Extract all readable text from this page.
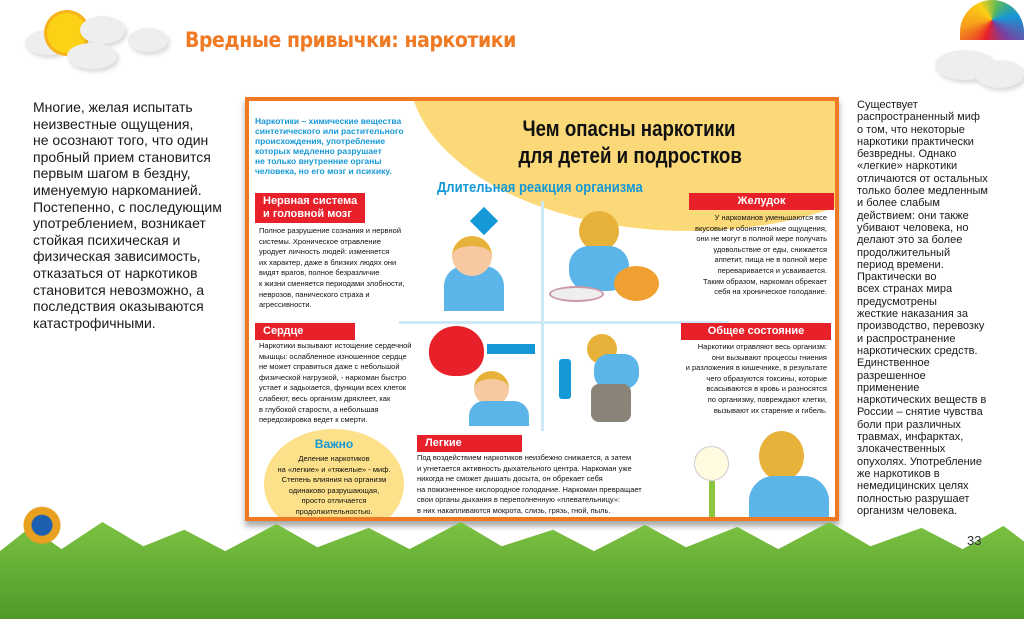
Вредные привычки: наркотики
Многие, желая испытать
неизвестные ощущения,
не осознают того, что один
пробный прием становится
первым шагом в бездну,
именуемую наркоманией.
Постепенно, с последующим
употреблением, возникает
стойкая психическая и
физическая зависимость,
отказаться от наркотиков
становится невозможно, а
последствия оказываются
катастрофичными.
Чем опасны наркотики
для детей и подростков
Наркотики – химические вещества
синтетического или растительного
происхождения, употребление
которых медленно разрушает
не только внутренние органы
человека, но его мозг и психику.
Длительная реакция организма
Нервная система
и головной мозг
Полное разрушение сознания и нервной
системы. Хроническое отравление
уродует личность людей: изменяется
их характер, даже в близких людях они
видят врагов, полное безразличие
к жизни сменяется периодами злобности,
неврозов, панического страха и
агрессивности.
Желудок
У наркоманов уменьшаются все
вкусовые и обонятельные ощущения,
они не могут в полной мере получать
удовольствие от еды, снижается
аппетит, пища не в полной мере
переваривается и усваивается.
Таким образом, наркоман обрекает
себя на хроническое голодание.
Сердце
Наркотики вызывают истощение сердечной
мышцы: ослабленное изношенное сердце
не может справиться даже с небольшой
физической нагрузкой, - наркоман быстро
устает и задыхается, функции всех клеток
слабеют, весь организм дряхлеет, как
в глубокой старости, а небольшая
передозировка ведет к смерти.
Общее состояние
Наркотики отравляют весь организм:
они вызывают процессы гниения
и разложения в кишечнике, в результате
чего образуются токсины, которые
всасываются в кровь и разносятся
по организму, повреждают клетки,
вызывают их старение и гибель.
Важно
Деление наркотиков
на «легкие» и «тяжелые» - миф.
Степень влияния на организм
одинаково разрушающая,
просто отличается
продолжительностью.
Легкие
Под воздействием наркотиков неизбежно снижается, а затем
и угнетается активность дыхательного центра. Наркоман уже
никогда не сможет дышать досыта, он обрекает себя
на пожизненное кислородное голодание. Наркоман превращает
свои органы дыхания в переполненную «плевательницу»:
в них накапливаются мокрота, слизь, грязь, гной, пыль.
Существует
распространенный миф
о том, что некоторые
наркотики практически
безвредны. Однако
«легкие» наркотики
отличаются от остальных
только более медленным
и более слабым
действием: они также
убивают человека, но
делают это за более
продолжительный
период времени.
Практически во
всех странах мира
предусмотрены
жесткие наказания за
производство, перевозку
и распространение
наркотических средств.
Единственное
разрешенное
применение
наркотических веществ в
России – снятие чувства
боли при различных
травмах, инфарктах,
злокачественных
опухолях. Употребление
же наркотиков в
немедицинских целях
полностью разрушает
организм человека.
33
